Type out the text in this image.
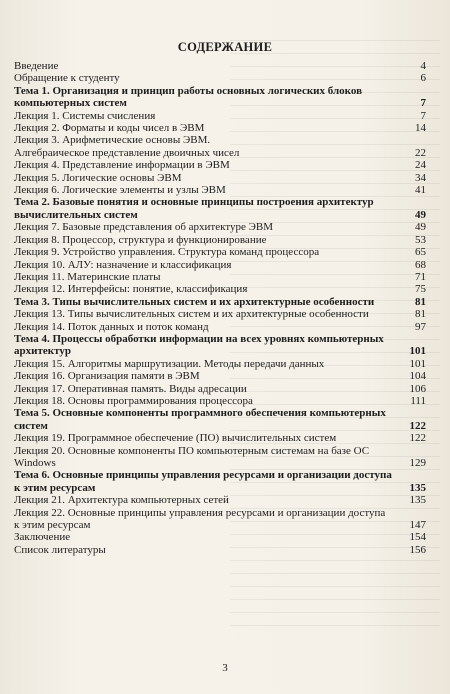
СОДЕРЖАНИЕ
Введение	4
Обращение к студенту	6
Тема 1. Организация и принцип работы основных логических блоков компьютерных систем	7
Лекция 1. Системы счисления	7
Лекция 2. Форматы и коды чисел в ЭВМ	14
Лекция 3. Арифметические основы ЭВМ.
Алгебраическое представление двоичных чисел	22
Лекция 4. Представление информации в ЭВМ	24
Лекция 5. Логические основы ЭВМ	34
Лекция 6. Логические элементы и узлы ЭВМ	41
Тема 2. Базовые понятия и основные принципы построения архитектур вычислительных систем	49
Лекция 7. Базовые представления об архитектуре ЭВМ	49
Лекция 8. Процессор, структура и функционирование	53
Лекция 9. Устройство управления. Структура команд процессора	65
Лекция 10. АЛУ: назначение и классификация	68
Лекция 11. Материнские платы	71
Лекция 12. Интерфейсы: понятие, классификация	75
Тема 3. Типы вычислительных систем и их архитектурные особенности	81
Лекция 13. Типы вычислительных систем и их архитектурные особенности	81
Лекция 14. Поток данных и поток команд	97
Тема 4. Процессы обработки информации на всех уровнях компьютерных архитектур	101
Лекция 15. Алгоритмы маршрутизации. Методы передачи данных	101
Лекция 16. Организация памяти в ЭВМ	104
Лекция 17. Оперативная память. Виды адресации	106
Лекция 18. Основы программирования процессора	111
Тема 5. Основные компоненты программного обеспечения компьютерных систем	122
Лекция 19. Программное обеспечение (ПО) вычислительных систем	122
Лекция 20. Основные компоненты ПО компьютерным системам на базе ОС Windows	129
Тема 6. Основные принципы управления ресурсами и организации доступа к этим ресурсам	135
Лекция 21. Архитектура компьютерных сетей	135
Лекция 22. Основные принципы управления ресурсами и организации доступа к этим ресурсам	147
Заключение	154
Список литературы	156
3
